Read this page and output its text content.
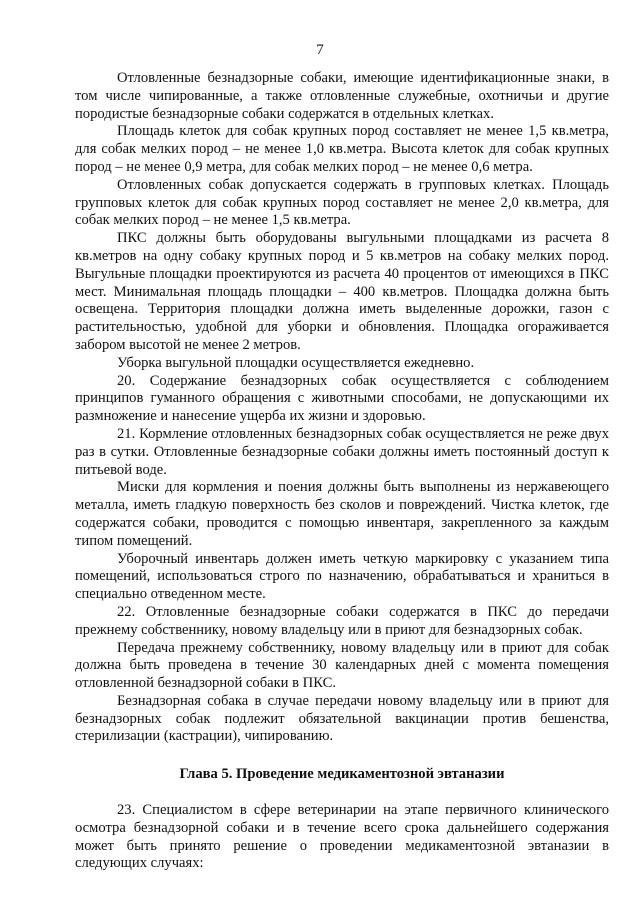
7

Отловленные безнадзорные собаки, имеющие идентификационные знаки, в том числе чипированные, а также отловленные служебные, охотничьи и другие породистые безнадзорные собаки содержатся в отдельных клетках.

Площадь клеток для собак крупных пород составляет не менее 1,5 кв.метра, для собак мелких пород – не менее 1,0 кв.метра. Высота клеток для собак крупных пород – не менее 0,9 метра, для собак мелких пород – не менее 0,6 метра.

Отловленных собак допускается содержать в групповых клетках. Площадь групповых клеток для собак крупных пород составляет не менее 2,0 кв.метра, для собак мелких пород – не менее 1,5 кв.метра.

ПКС должны быть оборудованы выгульными площадками из расчета 8 кв.метров на одну собаку крупных пород и 5 кв.метров на собаку мелких пород. Выгульные площадки проектируются из расчета 40 процентов от имеющихся в ПКС мест. Минимальная площадь площадки – 400 кв.метров. Площадка должна быть освещена. Территория площадки должна иметь выделенные дорожки, газон с растительностью, удобной для уборки и обновления. Площадка огораживается забором высотой не менее 2 метров.

Уборка выгульной площадки осуществляется ежедневно.

20. Содержание безнадзорных собак осуществляется с соблюдением принципов гуманного обращения с животными способами, не допускающими их размножение и нанесение ущерба их жизни и здоровью.

21. Кормление отловленных безнадзорных собак осуществляется не реже двух раз в сутки. Отловленные безнадзорные собаки должны иметь постоянный доступ к питьевой воде.

Миски для кормления и поения должны быть выполнены из нержавеющего металла, иметь гладкую поверхность без сколов и повреждений. Чистка клеток, где содержатся собаки, проводится с помощью инвентаря, закрепленного за каждым типом помещений.

Уборочный инвентарь должен иметь четкую маркировку с указанием типа помещений, использоваться строго по назначению, обрабатываться и храниться в специально отведенном месте.

22. Отловленные безнадзорные собаки содержатся в ПКС до передачи прежнему собственнику, новому владельцу или в приют для безнадзорных собак.

Передача прежнему собственнику, новому владельцу или в приют для собак должна быть проведена в течение 30 календарных дней с момента помещения отловленной безнадзорной собаки в ПКС.

Безнадзорная собака в случае передачи новому владельцу или в приют для безнадзорных собак подлежит обязательной вакцинации против бешенства, стерилизации (кастрации), чипированию.

Глава 5. Проведение медикаментозной эвтаназии

23. Специалистом в сфере ветеринарии на этапе первичного клинического осмотра безнадзорной собаки и в течение всего срока дальнейшего содержания может быть принято решение о проведении медикаментозной эвтаназии в следующих случаях:
